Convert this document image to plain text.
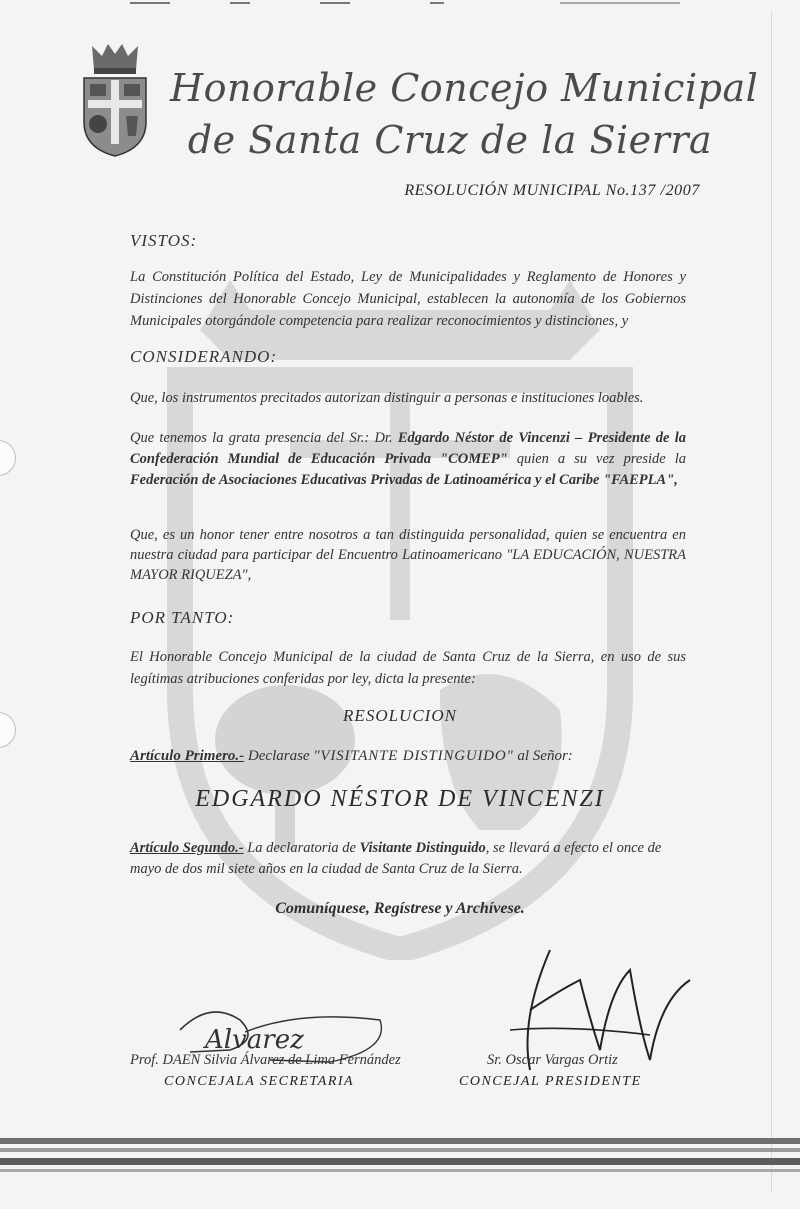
Honorable Concejo Municipal
de Santa Cruz de la Sierra
RESOLUCIÓN MUNICIPAL No.137 /2007
VISTOS:
La Constitución Política del Estado, Ley de Municipalidades y Reglamento de Honores y Distinciones del Honorable Concejo Municipal, establecen la autonomía de los Gobiernos Municipales otorgándole competencia para realizar reconocimientos y distinciones, y
CONSIDERANDO:
Que, los instrumentos precitados autorizan distinguir a personas e instituciones loables.
Que tenemos la grata presencia del Sr.: Dr. Edgardo Néstor de Vincenzi – Presidente de la Confederación Mundial de Educación Privada "COMEP" quien a su vez preside la Federación de Asociaciones Educativas Privadas de Latinoamérica y el Caribe "FAEPLA",
Que, es un honor tener entre nosotros a tan distinguida personalidad, quien se encuentra en nuestra ciudad para participar del Encuentro Latinoamericano "LA EDUCACIÓN, NUESTRA MAYOR RIQUEZA",
POR TANTO:
El Honorable Concejo Municipal de la ciudad de Santa Cruz de la Sierra, en uso de sus legítimas atribuciones conferidas por ley, dicta la presente:
RESOLUCION
Artículo Primero.- Declarase "VISITANTE DISTINGUIDO" al Señor:
EDGARDO NÉSTOR DE VINCENZI
Artículo Segundo.- La declaratoria de Visitante Distinguido, se llevará a efecto el once de mayo de dos mil siete años en la ciudad de Santa Cruz de la Sierra.
Comuníquese, Regístrese y Archívese.
Alvarez
Prof. DAEN Silvia Álvarez de Lima Fernández
CONCEJALA SECRETARIA
Sr. Oscar Vargas Ortiz
CONCEJAL PRESIDENTE
